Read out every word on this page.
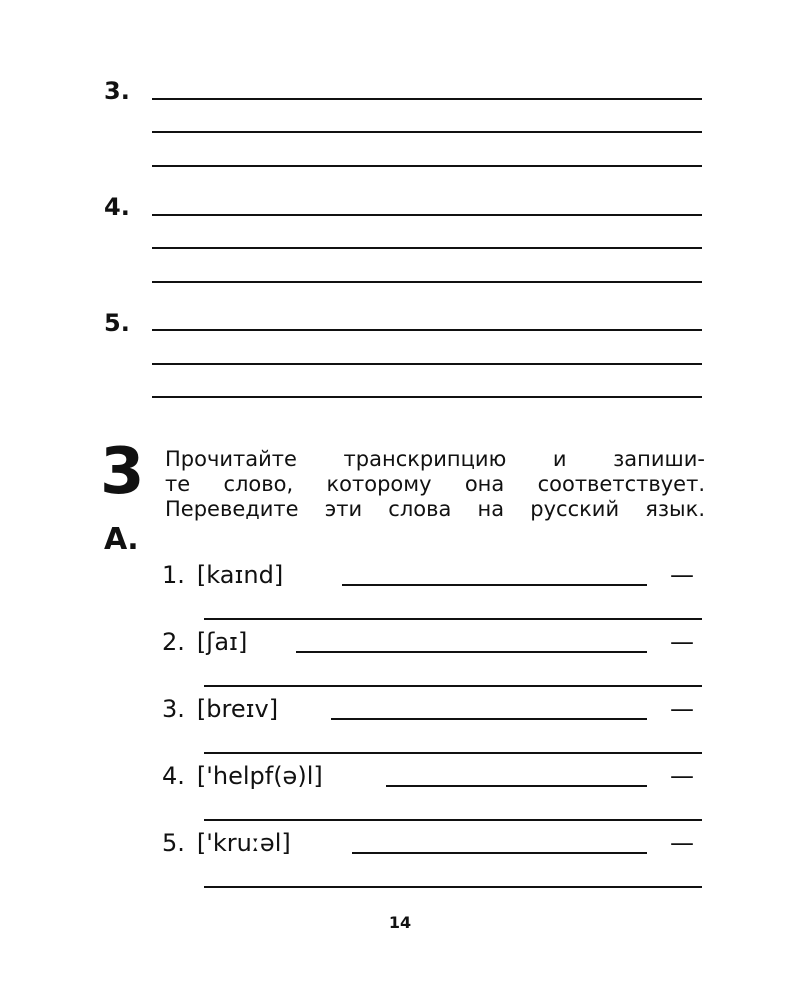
3.
4.
5.
3 Прочитайте транскрипцию и запиши-
те слово, которому она соответствует.
Переведите эти слова на русский язык.
А.
1. [kaɪnd]	—
2. [ʃaɪ]	—
3. [breɪv]	—
4. ['helpf(ə)l]	—
5. ['kruːəl]	—
14
